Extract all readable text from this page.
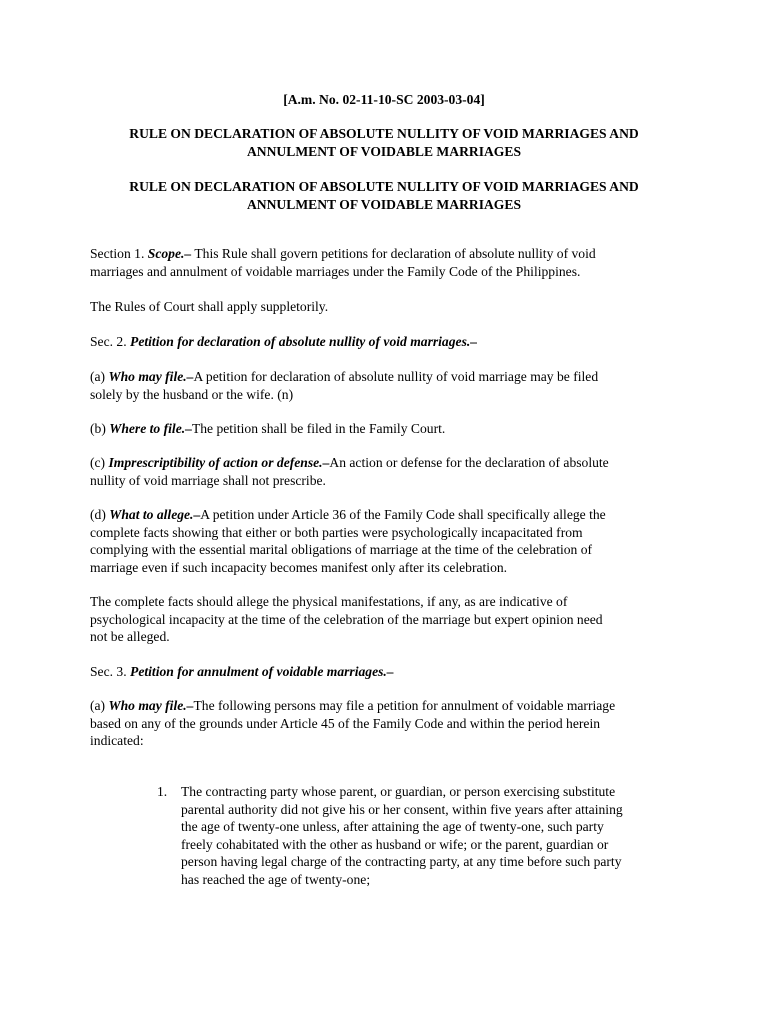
[A.m. No. 02-11-10-SC 2003-03-04]
RULE ON DECLARATION OF ABSOLUTE NULLITY OF VOID MARRIAGES AND
ANNULMENT OF VOIDABLE MARRIAGES
RULE ON DECLARATION OF ABSOLUTE NULLITY OF VOID MARRIAGES AND
ANNULMENT OF VOIDABLE MARRIAGES
Section 1. Scope.– This Rule shall govern petitions for declaration of absolute nullity of void
marriages and annulment of voidable marriages under the Family Code of the Philippines.
The Rules of Court shall apply suppletorily.
Sec. 2. Petition for declaration of absolute nullity of void marriages.–
(a) Who may file.–A petition for declaration of absolute nullity of void marriage may be filed
solely by the husband or the wife. (n)
(b) Where to file.–The petition shall be filed in the Family Court.
(c) Imprescriptibility of action or defense.–An action or defense for the declaration of absolute
nullity of void marriage shall not prescribe.
(d) What to allege.–A petition under Article 36 of the Family Code shall specifically allege the
complete facts showing that either or both parties were psychologically incapacitated from
complying with the essential marital obligations of marriage at the time of the celebration of
marriage even if such incapacity becomes manifest only after its celebration.
The complete facts should allege the physical manifestations, if any, as are indicative of
psychological incapacity at the time of the celebration of the marriage but expert opinion need
not be alleged.
Sec. 3. Petition for annulment of voidable marriages.–
(a) Who may file.–The following persons may file a petition for annulment of voidable marriage
based on any of the grounds under Article 45 of the Family Code and within the period herein
indicated:
1.	The contracting party whose parent, or guardian, or person exercising substitute
parental authority did not give his or her consent, within five years after attaining
the age of twenty-one unless, after attaining the age of twenty-one, such party
freely cohabitated with the other as husband or wife; or the parent, guardian or
person having legal charge of the contracting party, at any time before such party
has reached the age of twenty-one;
